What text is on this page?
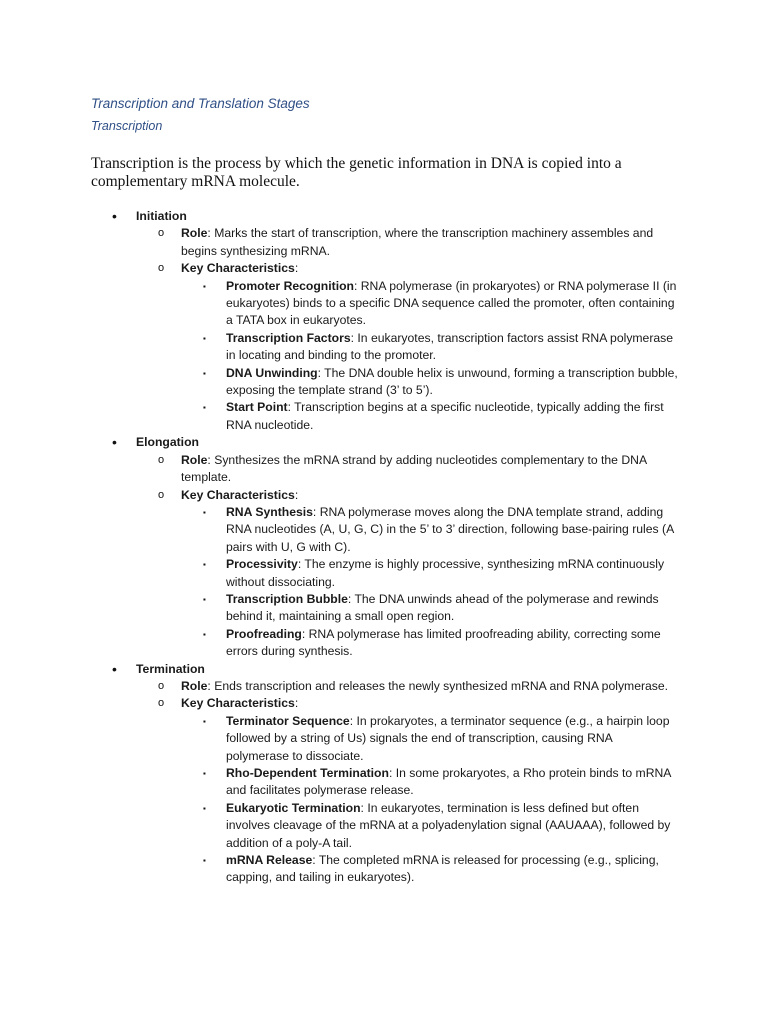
Transcription and Translation Stages
Transcription
Transcription is the process by which the genetic information in DNA is copied into a complementary mRNA molecule.
• Initiation
o Role: Marks the start of transcription, where the transcription machinery assembles and begins synthesizing mRNA.
o Key Characteristics:
▪ Promoter Recognition: RNA polymerase (in prokaryotes) or RNA polymerase II (in eukaryotes) binds to a specific DNA sequence called the promoter, often containing a TATA box in eukaryotes.
▪ Transcription Factors: In eukaryotes, transcription factors assist RNA polymerase in locating and binding to the promoter.
▪ DNA Unwinding: The DNA double helix is unwound, forming a transcription bubble, exposing the template strand (3’ to 5’).
▪ Start Point: Transcription begins at a specific nucleotide, typically adding the first RNA nucleotide.
• Elongation
o Role: Synthesizes the mRNA strand by adding nucleotides complementary to the DNA template.
o Key Characteristics:
▪ RNA Synthesis: RNA polymerase moves along the DNA template strand, adding RNA nucleotides (A, U, G, C) in the 5’ to 3’ direction, following base-pairing rules (A pairs with U, G with C).
▪ Processivity: The enzyme is highly processive, synthesizing mRNA continuously without dissociating.
▪ Transcription Bubble: The DNA unwinds ahead of the polymerase and rewinds behind it, maintaining a small open region.
▪ Proofreading: RNA polymerase has limited proofreading ability, correcting some errors during synthesis.
• Termination
o Role: Ends transcription and releases the newly synthesized mRNA and RNA polymerase.
o Key Characteristics:
▪ Terminator Sequence: In prokaryotes, a terminator sequence (e.g., a hairpin loop followed by a string of Us) signals the end of transcription, causing RNA polymerase to dissociate.
▪ Rho-Dependent Termination: In some prokaryotes, a Rho protein binds to mRNA and facilitates polymerase release.
▪ Eukaryotic Termination: In eukaryotes, termination is less defined but often involves cleavage of the mRNA at a polyadenylation signal (AAUAAA), followed by addition of a poly-A tail.
▪ mRNA Release: The completed mRNA is released for processing (e.g., splicing, capping, and tailing in eukaryotes).
